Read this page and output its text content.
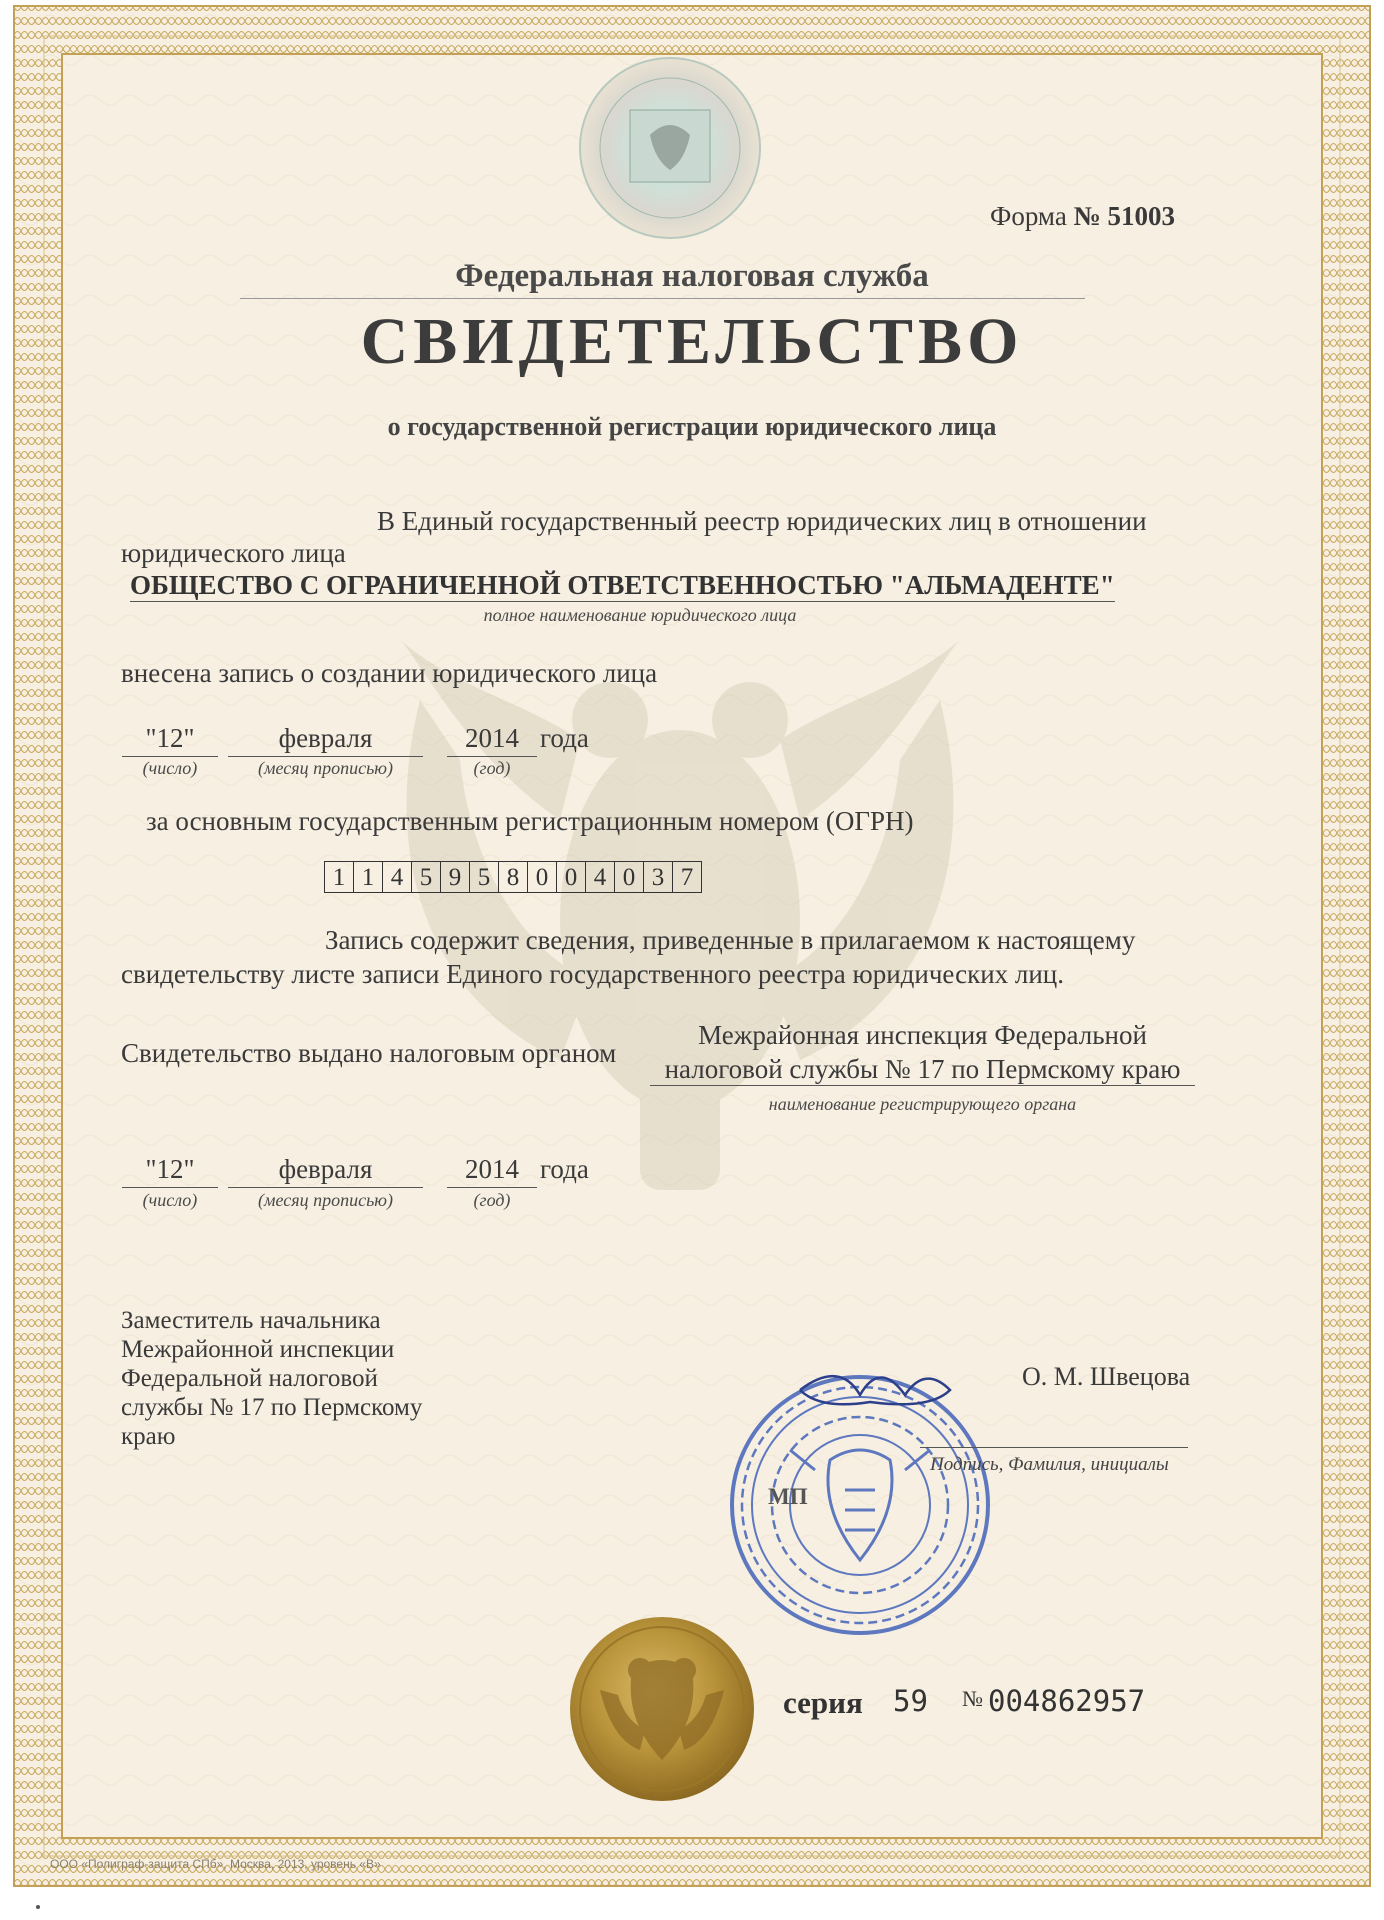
Форма № 51003
Федеральная налоговая служба
СВИДЕТЕЛЬСТВО
о государственной регистрации юридического лица
В Единый государственный реестр юридических лиц в отношении
юридического лица
ОБЩЕСТВО С ОГРАНИЧЕННОЙ ОТВЕТСТВЕННОСТЬЮ "АЛЬМАДЕНТЕ"
полное наименование юридического лица
внесена запись о создании юридического лица
"12"	февраля	2014 года
(число)	(месяц прописью)	(год)
за основным государственным регистрационным номером (ОГРН)
1 1 4 5 9 5 8 0 0 4 0 3 7
Запись содержит сведения, приведенные в прилагаемом к настоящему
свидетельству листе записи Единого государственного реестра юридических лиц.
Свидетельство выдано налоговым органом
Межрайонная инспекция Федеральной
налоговой службы № 17 по Пермскому краю
наименование регистрирующего органа
"12"	февраля	2014 года
(число)	(месяц прописью)	(год)
Заместитель начальника
Межрайонной инспекции
Федеральной налоговой
службы № 17 по Пермскому
краю
О. М. Швецова
Подпись, Фамилия, инициалы
МП
серия 59 № 004862957
ООО «Полиграф-защита СПб», Москва, 2013, уровень «В»
